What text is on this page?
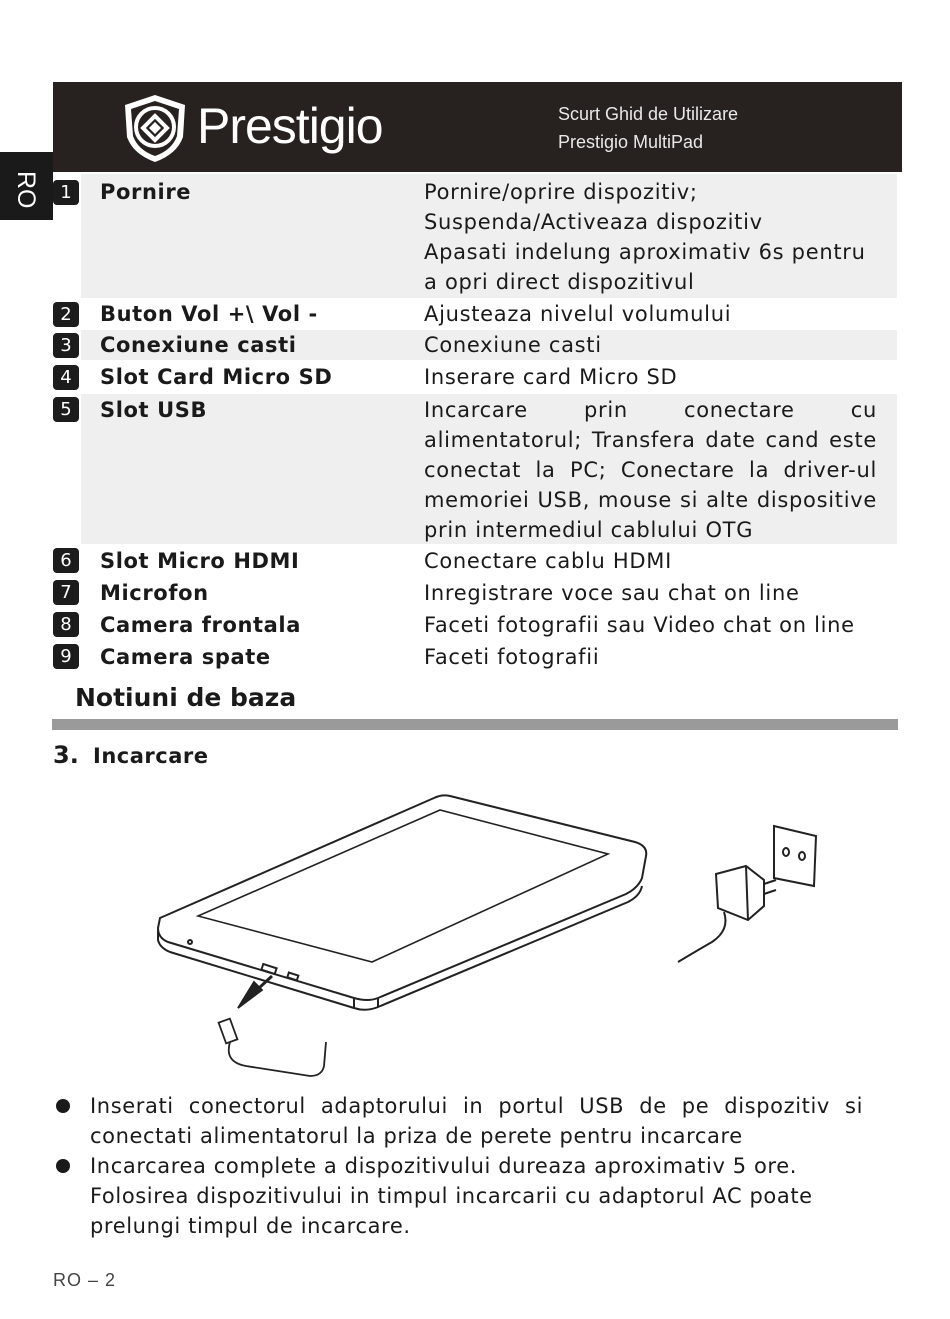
Prestigio	Scurt Ghid de Utilizare
Prestigio MultiPad
RO	1	Pornire	Pornire/oprire dispozitiv;
Suspenda/Activeaza dispozitiv
Apasati indelung aproximativ 6s pentru a opri direct dispozitivul
2	Buton Vol +\ Vol -	Ajusteaza nivelul volumului
3	Conexiune casti	Conexiune casti
4	Slot Card Micro SD	Inserare card Micro SD
5	Slot USB	Incarcare prin conectare cu alimentatorul; Transfera date cand este conectat la PC; Conectare la driver-ul memoriei USB, mouse si alte dispositive prin intermediul cablului OTG
6	Slot Micro HDMI	Conectare cablu HDMI
7	Microfon	Inregistrare voce sau chat on line
8	Camera frontala	Faceti fotografii sau Video chat on line
9	Camera spate	Faceti fotografii
Notiuni de baza
3. Incarcare
Inserati conectorul adaptorului in portul USB de pe dispozitiv si conectati alimentatorul la priza de perete pentru incarcare
Incarcarea complete a dispozitivului dureaza aproximativ 5 ore. Folosirea dispozitivului in timpul incarcarii cu adaptorul AC poate prelungi timpul de incarcare.
RO – 2
